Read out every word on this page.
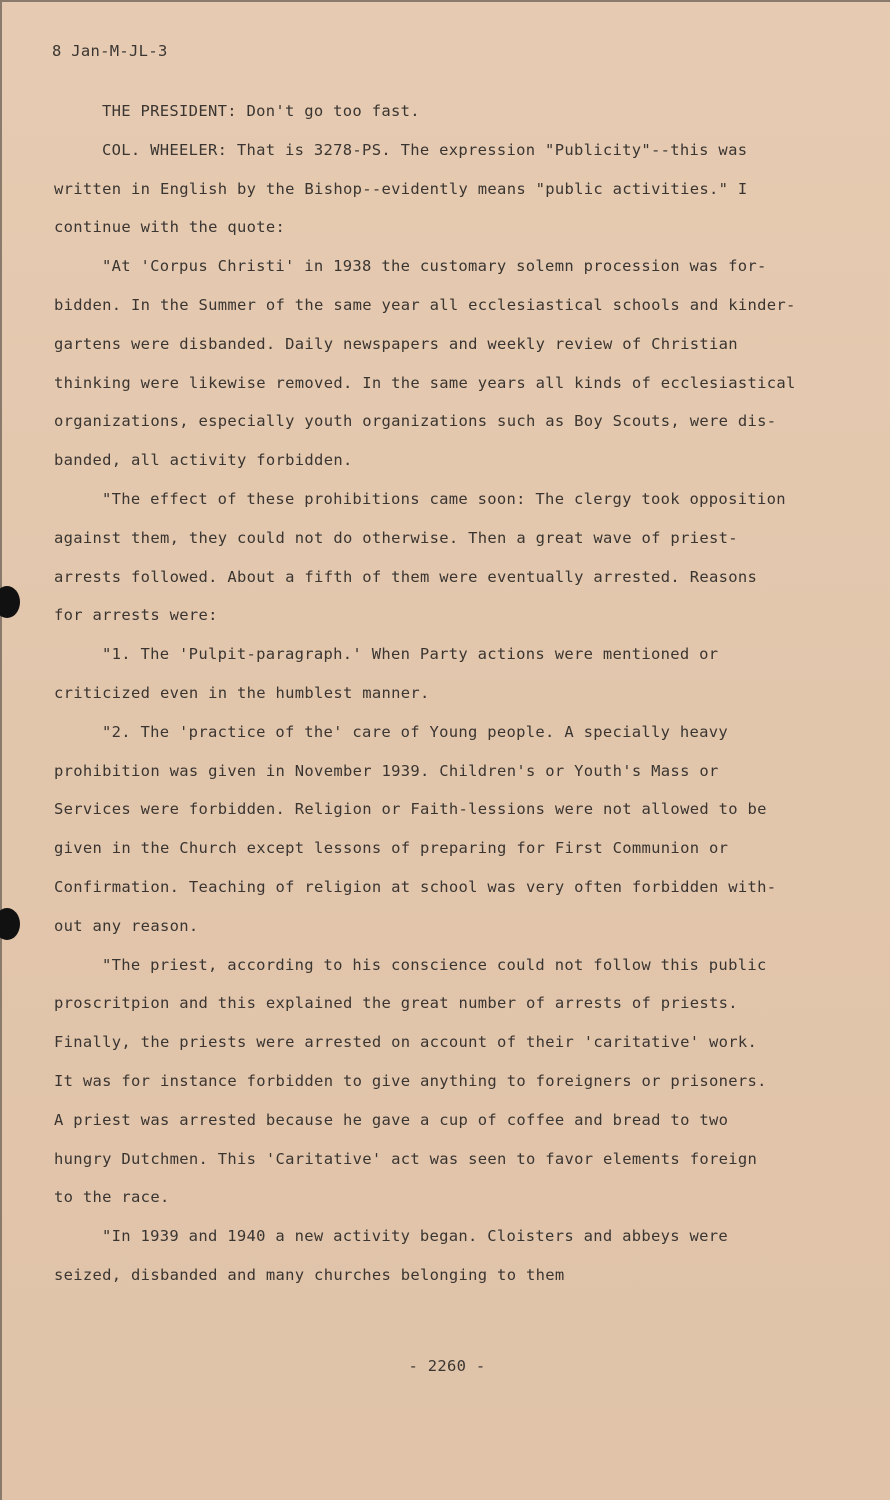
8 Jan-M-JL-3
THE PRESIDENT: Don't go too fast.
COL. WHEELER: That is 3278-PS. The expression "Publicity"--this was
written in English by the Bishop--evidently means "public activities." I
continue with the quote:
"At 'Corpus Christi' in 1938 the customary solemn procession was for-
bidden. In the Summer of the same year all ecclesiastical schools and kinder-
gartens were disbanded. Daily newspapers and weekly review of Christian
thinking were likewise removed. In the same years all kinds of ecclesiastical
organizations, especially youth organizations such as Boy Scouts, were dis-
banded, all activity forbidden.
"The effect of these prohibitions came soon: The clergy took opposition
against them, they could not do otherwise. Then a great wave of priest-
arrests followed. About a fifth of them were eventually arrested. Reasons
for arrests were:
"1. The 'Pulpit-paragraph.' When Party actions were mentioned or
criticized even in the humblest manner.
"2. The 'practice of the' care of Young people. A specially heavy
prohibition was given in November 1939. Children's or Youth's Mass or
Services were forbidden. Religion or Faith-lessions were not allowed to be
given in the Church except lessons of preparing for First Communion or
Confirmation. Teaching of religion at school was very often forbidden with-
out any reason.
"The priest, according to his conscience could not follow this public
proscritpion and this explained the great number of arrests of priests.
Finally, the priests were arrested on account of their 'caritative' work.
It was for instance forbidden to give anything to foreigners or prisoners.
A priest was arrested because he gave a cup of coffee and bread to two
hungry Dutchmen. This 'Caritative' act was seen to favor elements foreign
to the race.
"In 1939 and 1940 a new activity began. Cloisters and abbeys were
seized, disbanded and many churches belonging to them
- 2260 -
